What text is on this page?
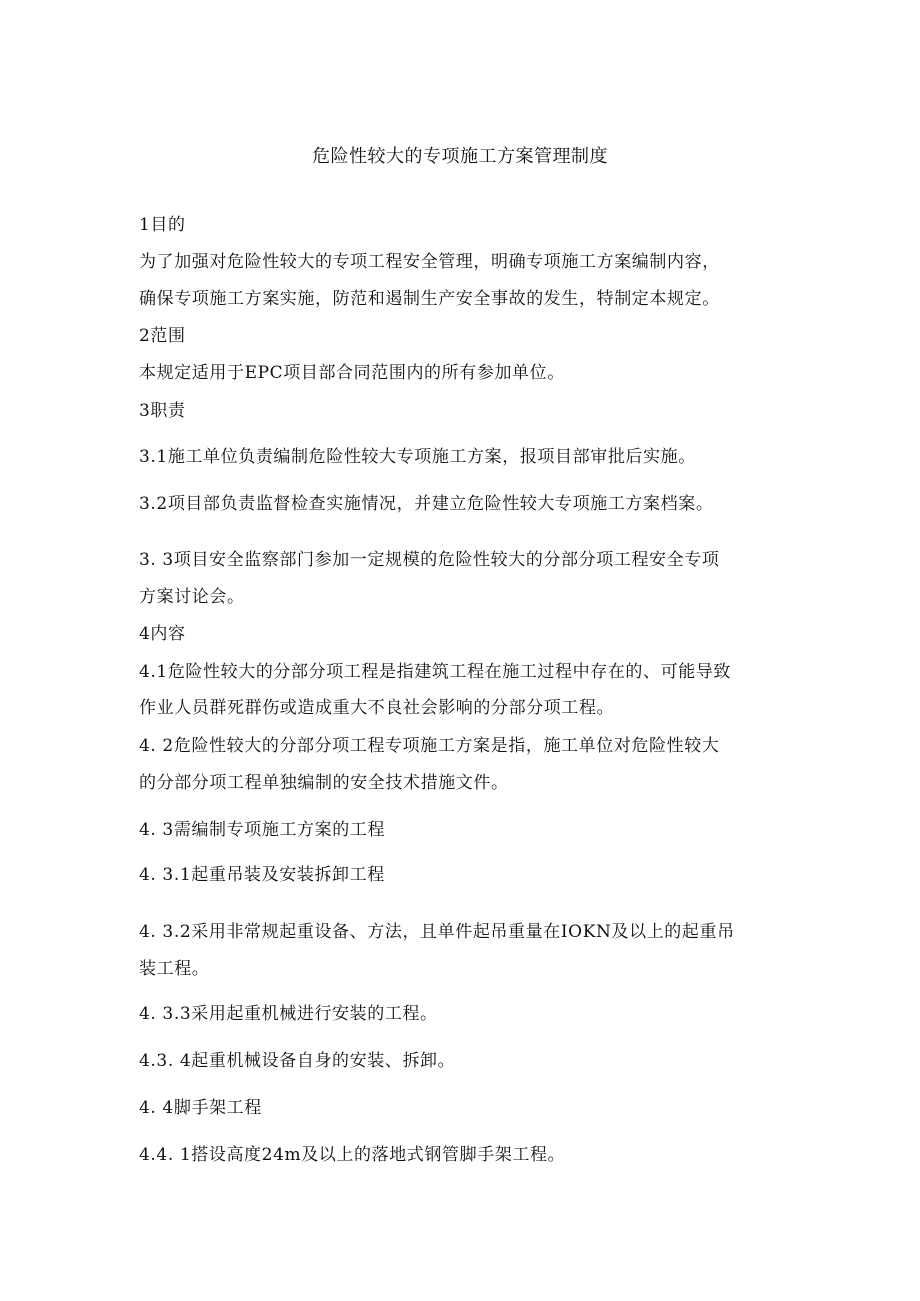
危险性较大的专项施工方案管理制度
1目的
为了加强对危险性较大的专项工程安全管理，明确专项施工方案编制内容，
确保专项施工方案实施，防范和遏制生产安全事故的发生，特制定本规定。
2范围
本规定适用于EPC项目部合同范围内的所有参加单位。
3职责
3.1施工单位负责编制危险性较大专项施工方案，报项目部审批后实施。
3.2项目部负责监督检查实施情况，并建立危险性较大专项施工方案档案。
3. 3项目安全监察部门参加一定规模的危险性较大的分部分项工程安全专项
方案讨论会。
4内容
4.1危险性较大的分部分项工程是指建筑工程在施工过程中存在的、可能导致
作业人员群死群伤或造成重大不良社会影响的分部分项工程。
4. 2危险性较大的分部分项工程专项施工方案是指，施工单位对危险性较大
的分部分项工程单独编制的安全技术措施文件。
4. 3需编制专项施工方案的工程
4. 3.1起重吊装及安装拆卸工程
4. 3.2采用非常规起重设备、方法，且单件起吊重量在IOKN及以上的起重吊
装工程。
4. 3.3采用起重机械进行安装的工程。
4.3. 4起重机械设备自身的安装、拆卸。
4. 4脚手架工程
4.4. 1搭设高度24m及以上的落地式钢管脚手架工程。
